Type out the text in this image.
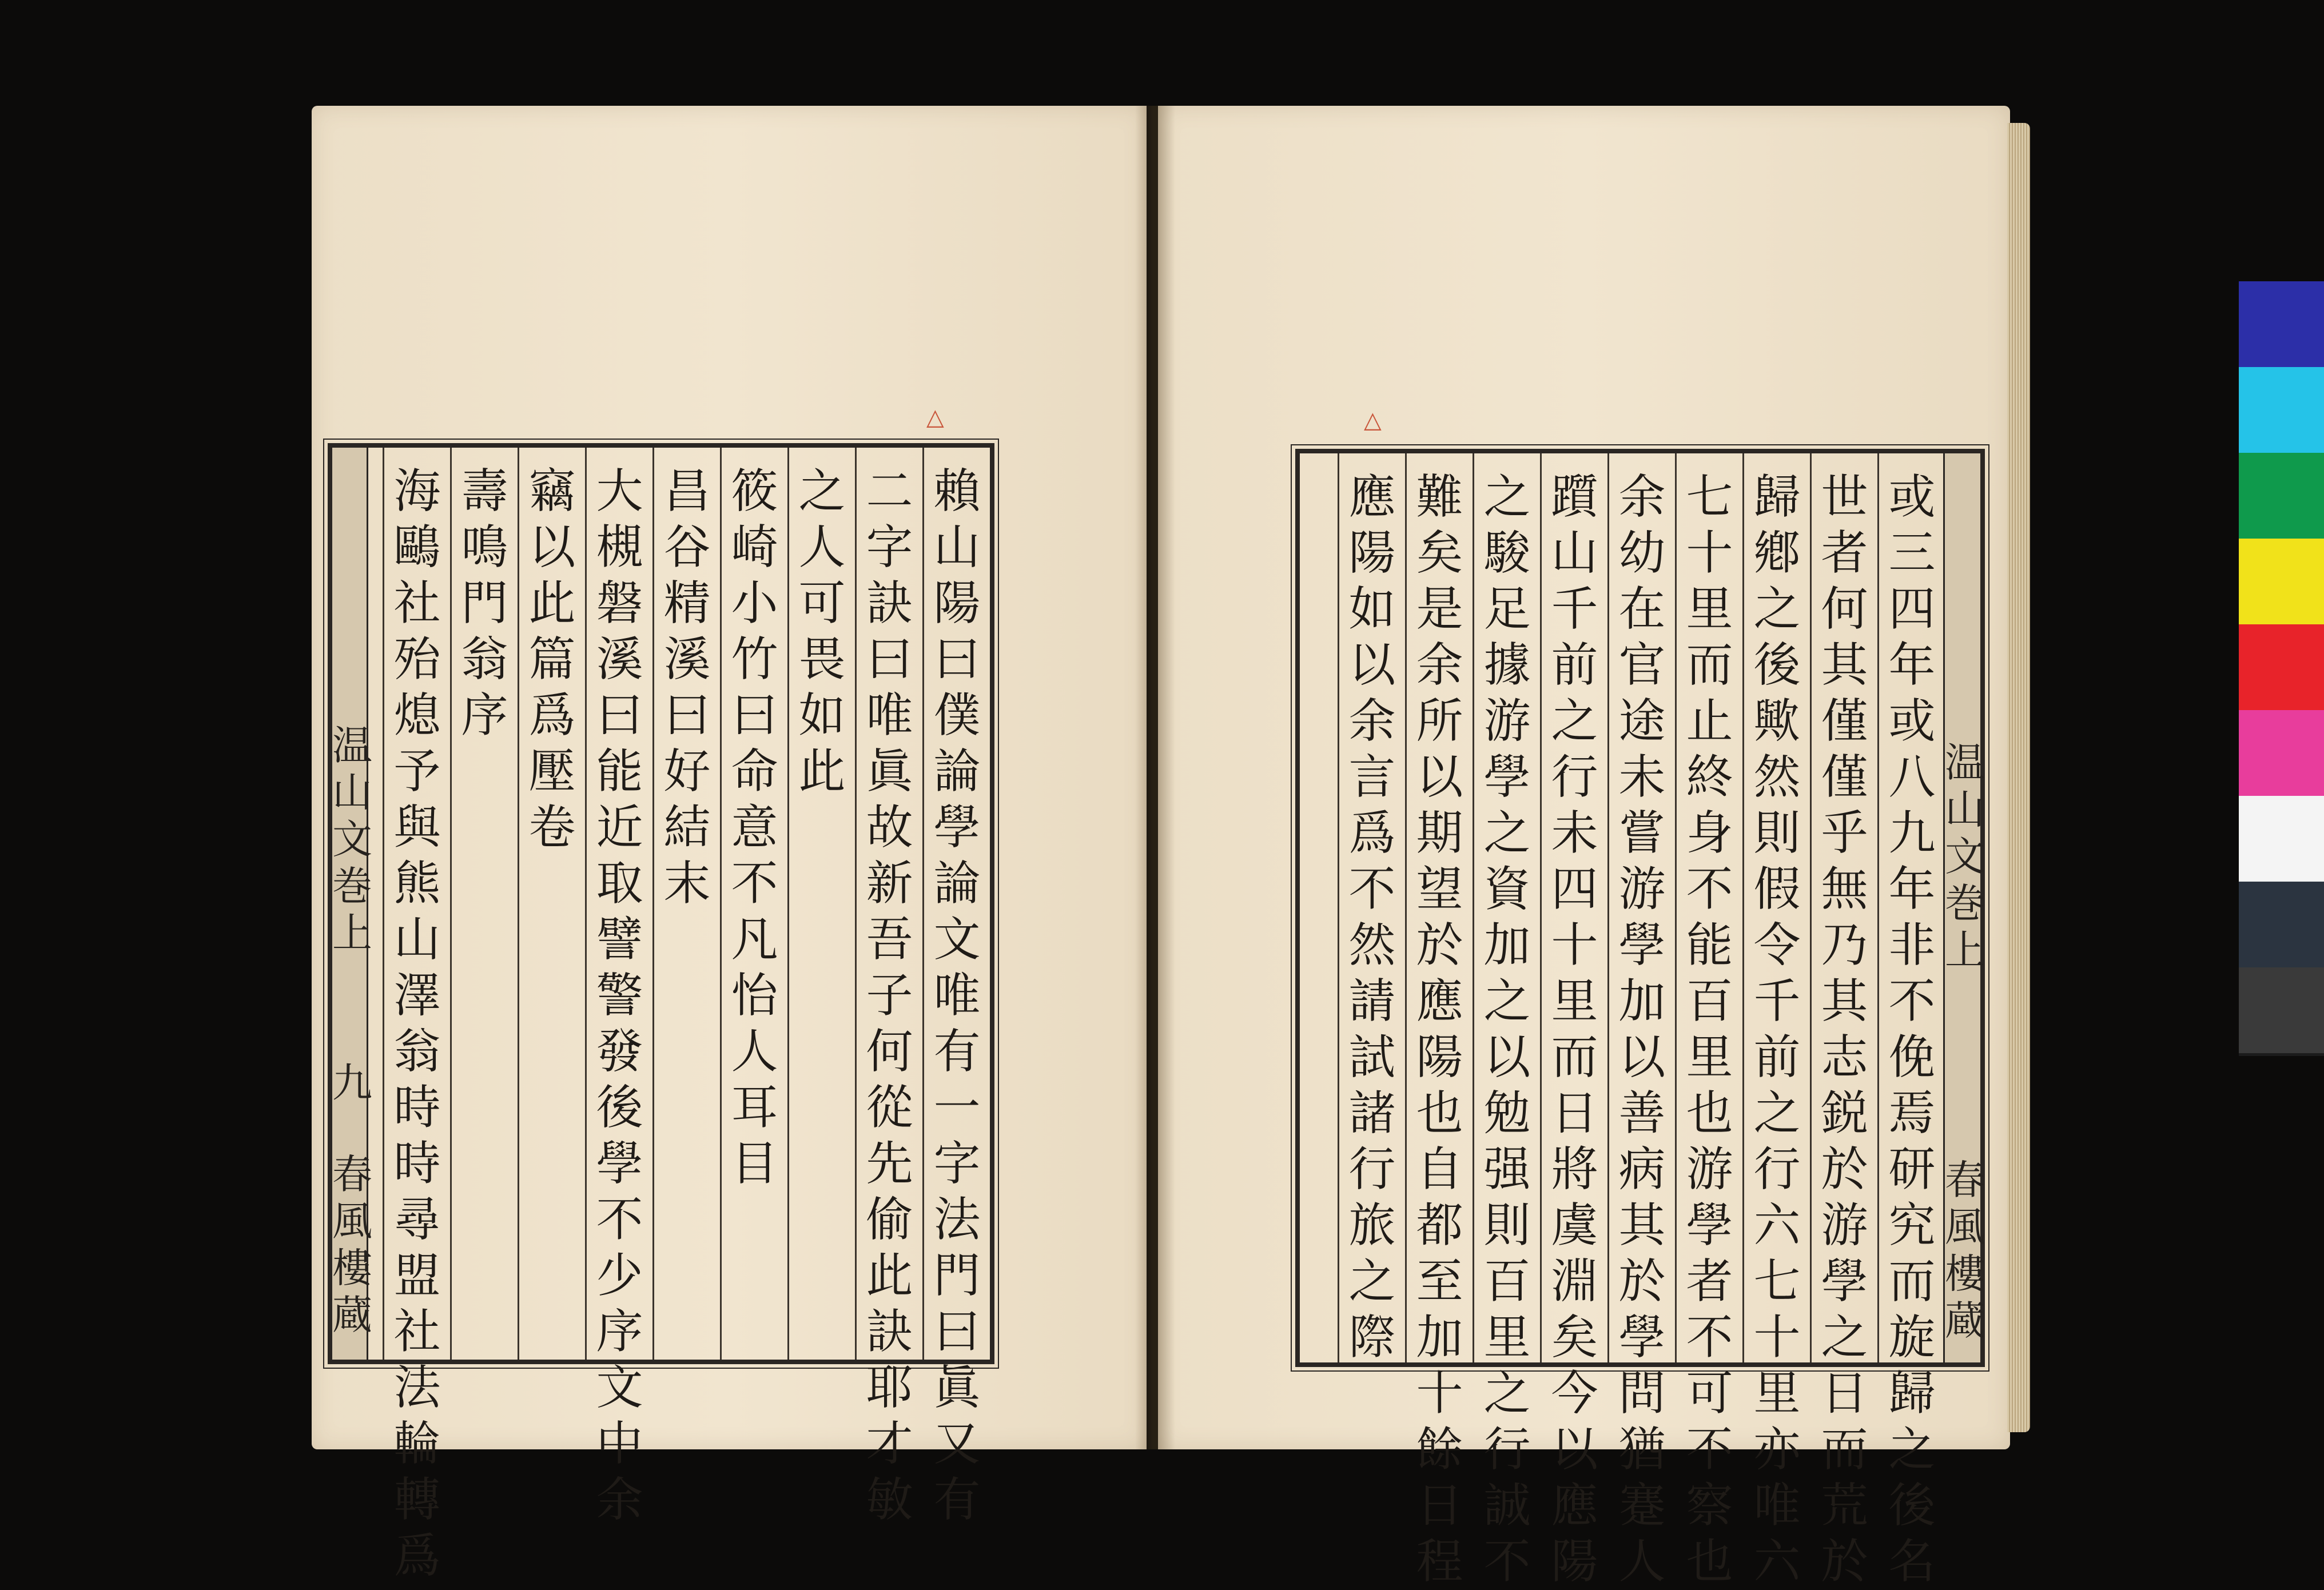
△
温
山
文
巻
上
九
春
風
樓
蔵
賴
山
陽
曰
僕
論
學
論
文
唯
有
一
字
法
門
曰
眞
又
有
二
字
訣
曰
唯
眞
故
新
吾
子
何
從
先
偷
此
訣
耶
才
敏
之
人
可
畏
如
此
筱
崎
小
竹
曰
命
意
不
凡
怡
人
耳
目
昌
谷
精
溪
曰
好
結
末
大
槻
磐
溪
曰
能
近
取
譬
警
發
後
學
不
少
序
文
中
余
竊
以
此
篇
爲
壓
卷
壽
鳴
門
翁
序
海
鷗
社
殆
熄
予
與
熊
山
澤
翁
時
時
尋
盟
社
法
輪
轉
爲
△
温
山
文
巻
上
春
風
樓
蔵
或
三
四
年
或
八
九
年
非
不
俛
焉
研
究
而
旋
歸
之
後
名
世
者
何
其
僅
僅
乎
無
乃
其
志
鋭
於
游
學
之
日
而
荒
於
歸
鄕
之
後
歟
然
則
假
令
千
前
之
行
六
七
十
里
亦
唯
六
七
十
里
而
止
終
身
不
能
百
里
也
游
學
者
不
可
不
察
也
余
幼
在
官
途
未
嘗
游
學
加
以
善
病
其
於
學
問
猶
蹇
人
躓
山
千
前
之
行
未
四
十
里
而
日
將
虞
淵
矣
今
以
應
陽
之
駿
足
據
游
學
之
資
加
之
以
勉
强
則
百
里
之
行
誠
不
難
矣
是
余
所
以
期
望
於
應
陽
也
自
都
至
加
十
餘
日
程
應
陽
如
以
余
言
爲
不
然
請
試
諸
行
旅
之
際
